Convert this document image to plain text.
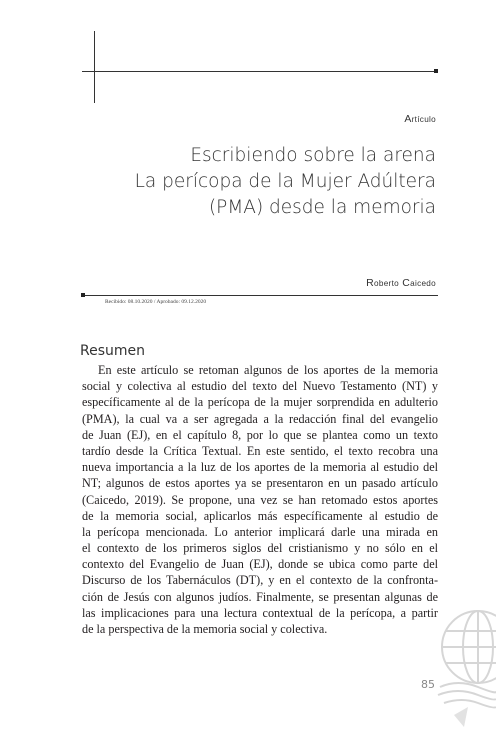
Artículo
Escribiendo sobre la arena
La perícopa de la Mujer Adúltera
(PMA) desde la memoria
Roberto Caicedo
Recibido: 08.10.2020 / Aprobado: 09.12.2020
Resumen
En este artículo se retoman algunos de los aportes de la memoria
social y colectiva al estudio del texto del Nuevo Testamento (NT) y
específicamente al de la perícopa de la mujer sorprendida en adulterio
(PMA), la cual va a ser agregada a la redacción final del evangelio
de Juan (EJ), en el capítulo 8, por lo que se plantea como un texto
tardío desde la Crítica Textual. En este sentido, el texto recobra una
nueva importancia a la luz de los aportes de la memoria al estudio del
NT; algunos de estos aportes ya se presentaron en un pasado artículo
(Caicedo, 2019). Se propone, una vez se han retomado estos aportes
de la memoria social, aplicarlos más específicamente al estudio de
la perícopa mencionada. Lo anterior implicará darle una mirada en
el contexto de los primeros siglos del cristianismo y no sólo en el
contexto del Evangelio de Juan (EJ), donde se ubica como parte del
Discurso de los Tabernáculos (DT), y en el contexto de la confronta-
ción de Jesús con algunos judíos. Finalmente, se presentan algunas de
las implicaciones para una lectura contextual de la perícopa, a partir
de la perspectiva de la memoria social y colectiva.
85
